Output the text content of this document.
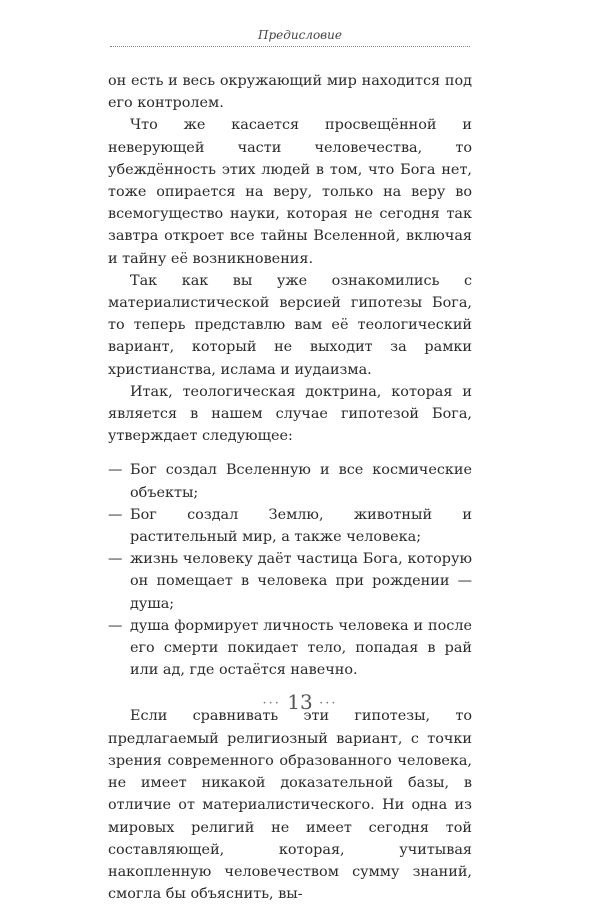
Предисловие

он есть и весь окружающий мир находится под его контролем.

Что же касается просвещённой и неверующей части человечества, то убеждённость этих людей в том, что Бога нет, тоже опирается на веру, только на веру во всемогущество науки, которая не сегодня так завтра откроет все тайны Вселенной, включая и тайну её возникновения.

Так как вы уже ознакомились с материалистической версией гипотезы Бога, то теперь представлю вам её теологический вариант, который не выходит за рамки христианства, ислама и иудаизма.

Итак, теологическая доктрина, которая и является в нашем случае гипотезой Бога, утверждает следующее:

— Бог создал Вселенную и все космические объекты;
— Бог создал Землю, животный и растительный мир, а также человека;
— жизнь человеку даёт частица Бога, которую он помещает в человека при рождении — душа;
— душа формирует личность человека и после его смерти покидает тело, попадая в рай или ад, где остаётся навечно.

Если сравнивать эти гипотезы, то предлагаемый религиозный вариант, с точки зрения современного образованного человека, не имеет никакой доказательной базы, в отличие от материалистического. Ни одна из мировых религий не имеет сегодня той составляющей, которая, учитывая накопленную человечеством сумму знаний, смогла бы объяснить, вы-

··· 13 ···
